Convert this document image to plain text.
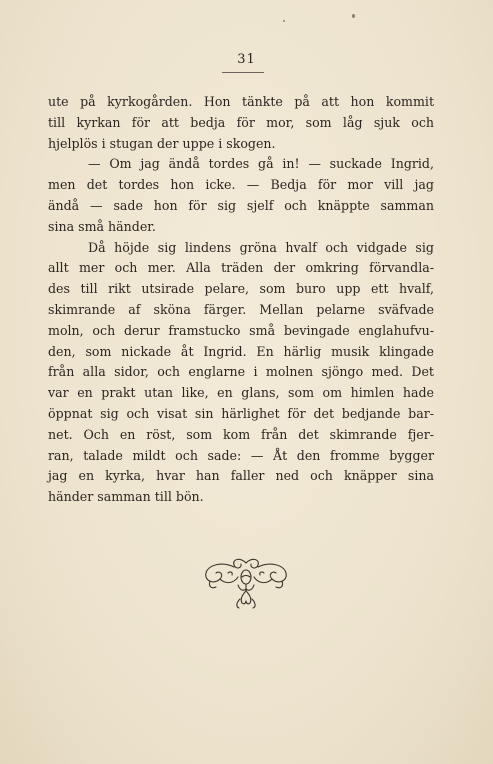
31
ute på kyrkogården. Hon tänkte på att hon kommit
till kyrkan för att bedja för mor, som låg sjuk och
hjelplös i stugan der uppe i skogen.
— Om jag ändå tordes gå in! — suckade Ingrid,
men det tordes hon icke. — Bedja för mor vill jag
ändå — sade hon för sig sjelf och knäppte samman
sina små händer.
Då höjde sig lindens gröna hvalf och vidgade sig
allt mer och mer. Alla träden der omkring förvandla-
des till rikt utsirade pelare, som buro upp ett hvalf,
skimrande af sköna färger. Mellan pelarne sväfvade
moln, och derur framstucko små bevingade englahufvu-
den, som nickade åt Ingrid. En härlig musik klingade
från alla sidor, och englarne i molnen sjöngo med. Det
var en prakt utan like, en glans, som om himlen hade
öppnat sig och visat sin härlighet för det bedjande bar-
net. Och en röst, som kom från det skimrande fjer-
ran, talade mildt och sade: — Åt den fromme bygger
jag en kyrka, hvar han faller ned och knäpper sina
händer samman till bön.
